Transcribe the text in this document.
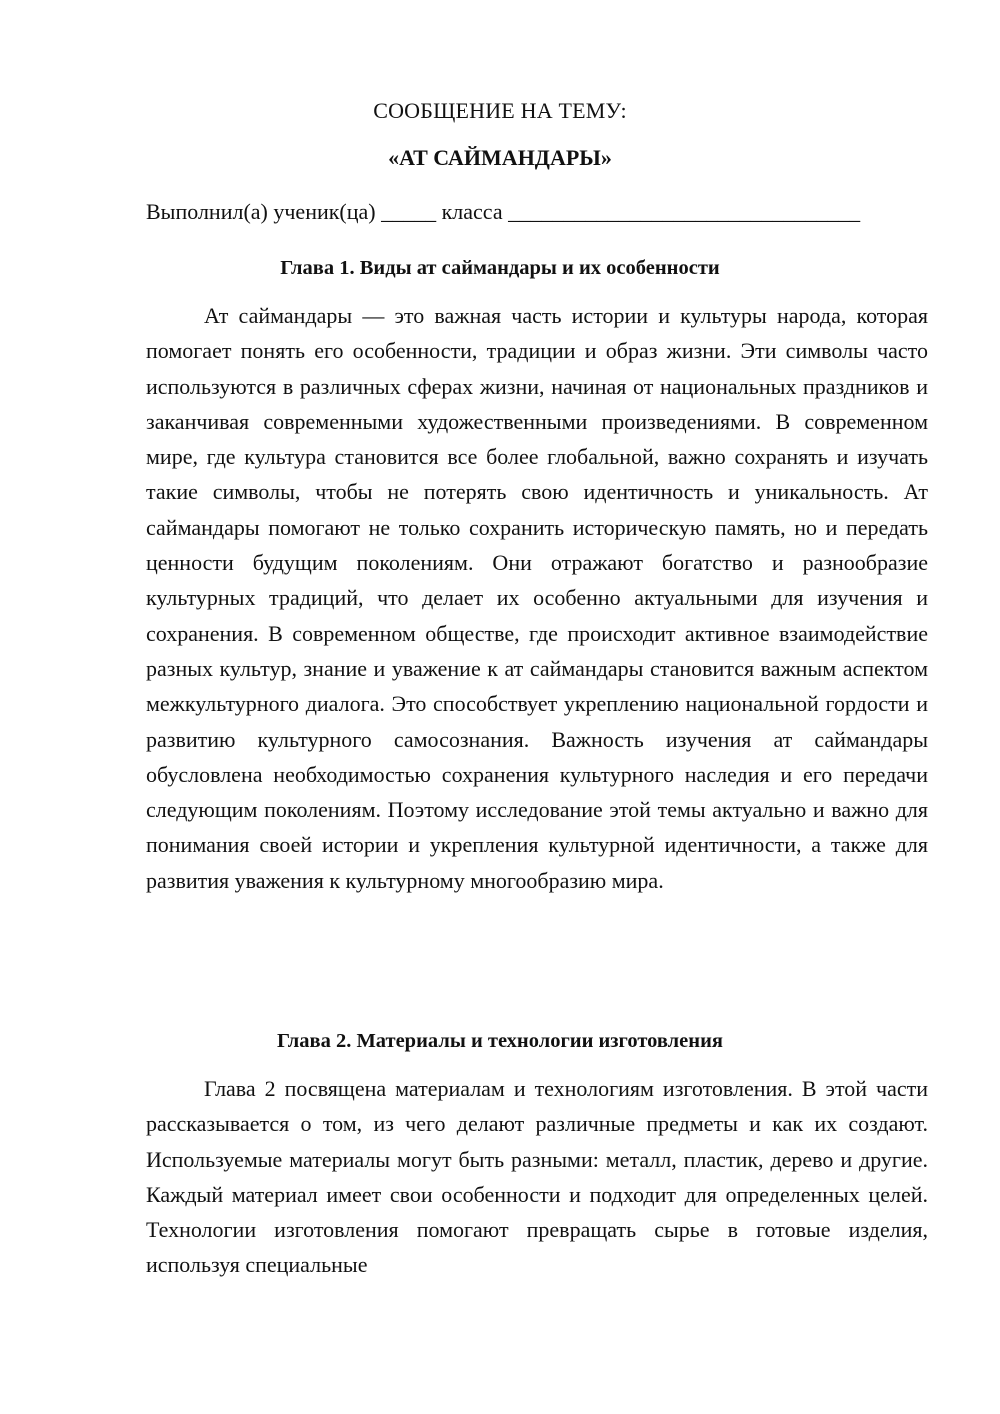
СООБЩЕНИЕ НА ТЕМУ:
«АТ САЙМАНДАРЫ»
Выполнил(а) ученик(ца) _____ класса ________________________________
Глава 1. Виды ат саймандары и их особенности

Ат саймандары — это важная часть истории и культуры народа, которая помогает понять его особенности, традиции и образ жизни. Эти символы часто используются в различных сферах жизни, начиная от национальных праздников и заканчивая современными художественными произведениями. В современном мире, где культура становится все более глобальной, важно сохранять и изучать такие символы, чтобы не потерять свою идентичность и уникальность. Ат саймандары помогают не только сохранить историческую память, но и передать ценности будущим поколениям. Они отражают богатство и разнообразие культурных традиций, что делает их особенно актуальными для изучения и сохранения. В современном обществе, где происходит активное взаимодействие разных культур, знание и уважение к ат саймандары становится важным аспектом межкультурного диалога. Это способствует укреплению национальной гордости и развитию культурного самосознания. Важность изучения ат саймандары обусловлена необходимостью сохранения культурного наследия и его передачи следующим поколениям. Поэтому исследование этой темы актуально и важно для понимания своей истории и укрепления культурной идентичности, а также для развития уважения к культурному многообразию мира.

Глава 2. Материалы и технологии изготовления

Глава 2 посвящена материалам и технологиям изготовления. В этой части рассказывается о том, из чего делают различные предметы и как их создают. Используемые материалы могут быть разными: металл, пластик, дерево и другие. Каждый материал имеет свои особенности и подходит для определенных целей. Технологии изготовления помогают превращать сырье в готовые изделия, используя специальные
